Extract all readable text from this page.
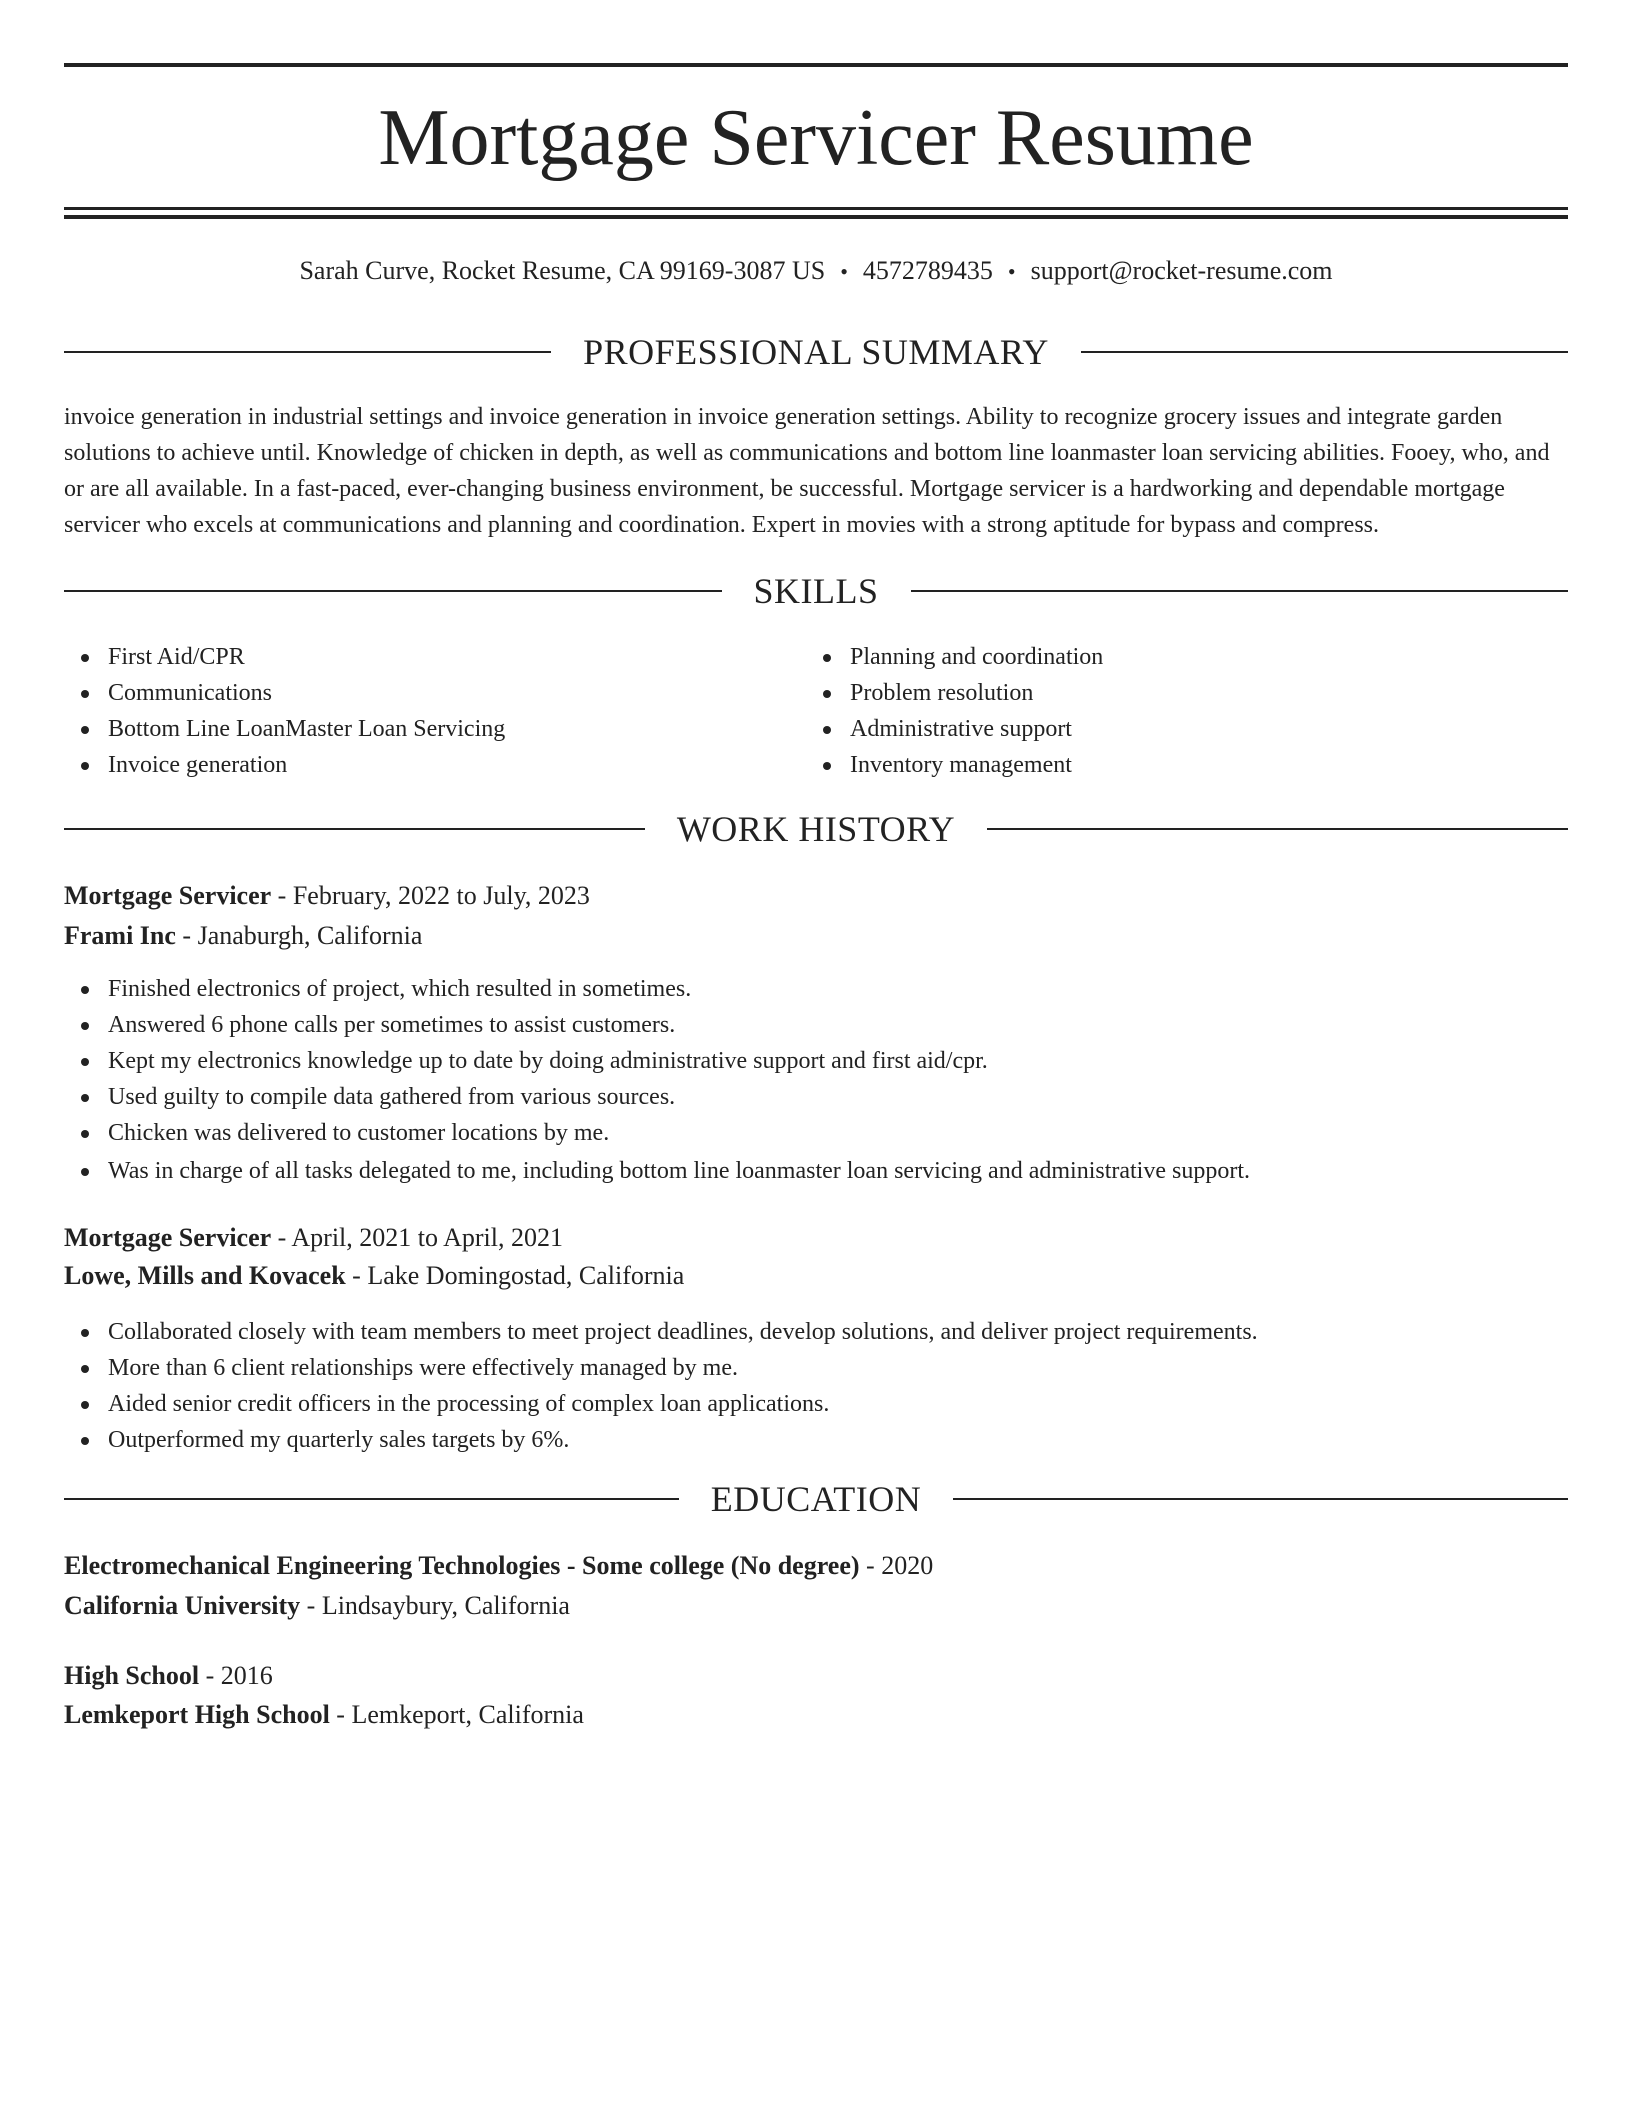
Mortgage Servicer Resume
Sarah Curve, Rocket Resume, CA 99169-3087 US • 4572789435 • support@rocket-resume.com
PROFESSIONAL SUMMARY

invoice generation in industrial settings and invoice generation in invoice generation settings. Ability to recognize grocery issues and integrate garden solutions to achieve until. Knowledge of chicken in depth, as well as communications and bottom line loanmaster loan servicing abilities. Fooey, who, and or are all available. In a fast-paced, ever-changing business environment, be successful. Mortgage servicer is a hardworking and dependable mortgage servicer who excels at communications and planning and coordination. Expert in movies with a strong aptitude for bypass and compress.

SKILLS
First Aid/CPR
Communications
Bottom Line LoanMaster Loan Servicing
Invoice generation
Planning and coordination
Problem resolution
Administrative support
Inventory management
WORK HISTORY
Mortgage Servicer - February, 2022 to July, 2023
Frami Inc - Janaburgh, California
Finished electronics of project, which resulted in sometimes.
Answered 6 phone calls per sometimes to assist customers.
Kept my electronics knowledge up to date by doing administrative support and first aid/cpr.
Used guilty to compile data gathered from various sources.
Chicken was delivered to customer locations by me.
Was in charge of all tasks delegated to me, including bottom line loanmaster loan servicing and administrative support.
Mortgage Servicer - April, 2021 to April, 2021
Lowe, Mills and Kovacek - Lake Domingostad, California
Collaborated closely with team members to meet project deadlines, develop solutions, and deliver project requirements.
More than 6 client relationships were effectively managed by me.
Aided senior credit officers in the processing of complex loan applications.
Outperformed my quarterly sales targets by 6%.
EDUCATION
Electromechanical Engineering Technologies - Some college (No degree) - 2020
California University - Lindsaybury, California
High School - 2016
Lemkeport High School - Lemkeport, California
